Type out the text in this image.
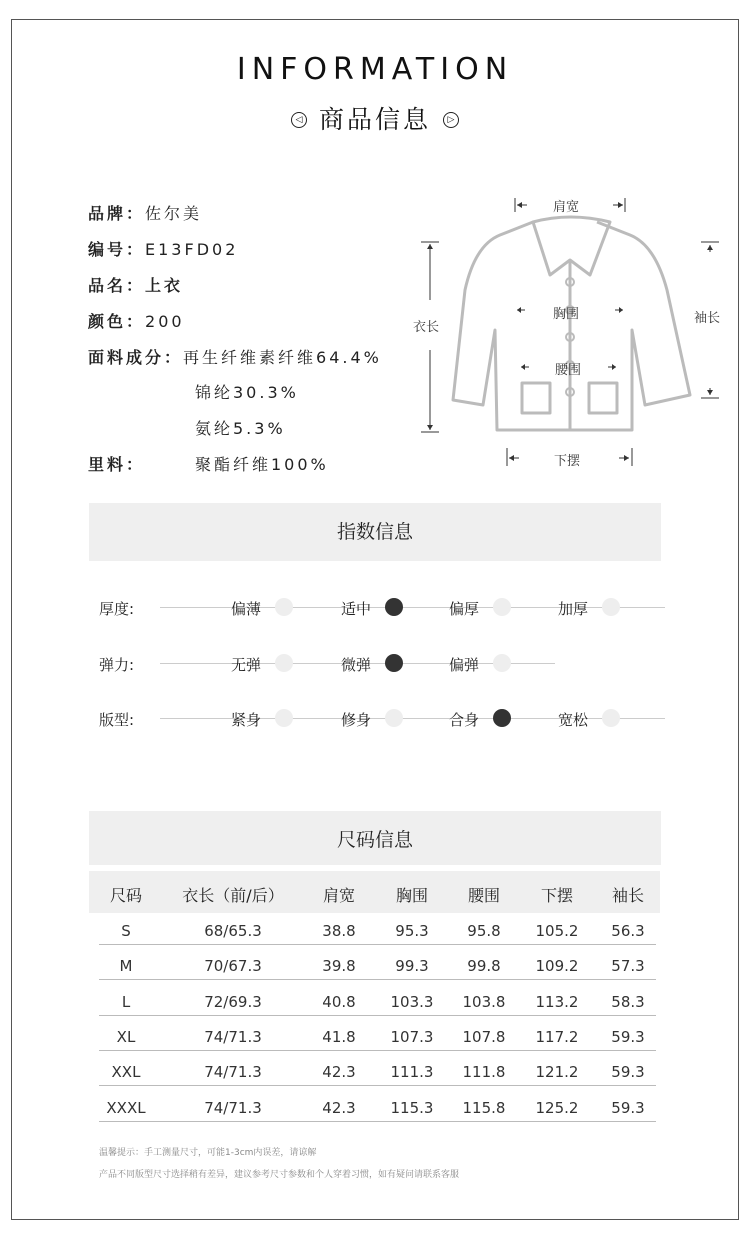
INFORMATION
◁ 商品信息 ▷
品牌：佐尔美
编号：E13FD02
品名：上衣
颜色：200
面料成分：再生纤维素纤维64.4%
锦纶30.3%
氨纶5.3%
里料：	聚酯纤维100%
肩宽
胸围
腰围
下摆
衣长
袖长
指数信息
厚度:	偏薄	适中	偏厚	加厚
弹力:	无弹	微弹	偏弹
版型:	紧身	修身	合身	宽松
尺码信息
尺码	衣长（前/后）	肩宽	胸围	腰围	下摆	袖长
S	68/65.3	38.8	95.3	95.8	105.2	56.3
M	70/67.3	39.8	99.3	99.8	109.2	57.3
L	72/69.3	40.8	103.3	103.8	113.2	58.3
XL	74/71.3	41.8	107.3	107.8	117.2	59.3
XXL	74/71.3	42.3	111.3	111.8	121.2	59.3
XXXL	74/71.3	42.3	115.3	115.8	125.2	59.3
温馨提示：手工测量尺寸，可能1-3cm内误差，请谅解
产品不同版型尺寸选择稍有差异，建议参考尺寸参数和个人穿着习惯，如有疑问请联系客服
